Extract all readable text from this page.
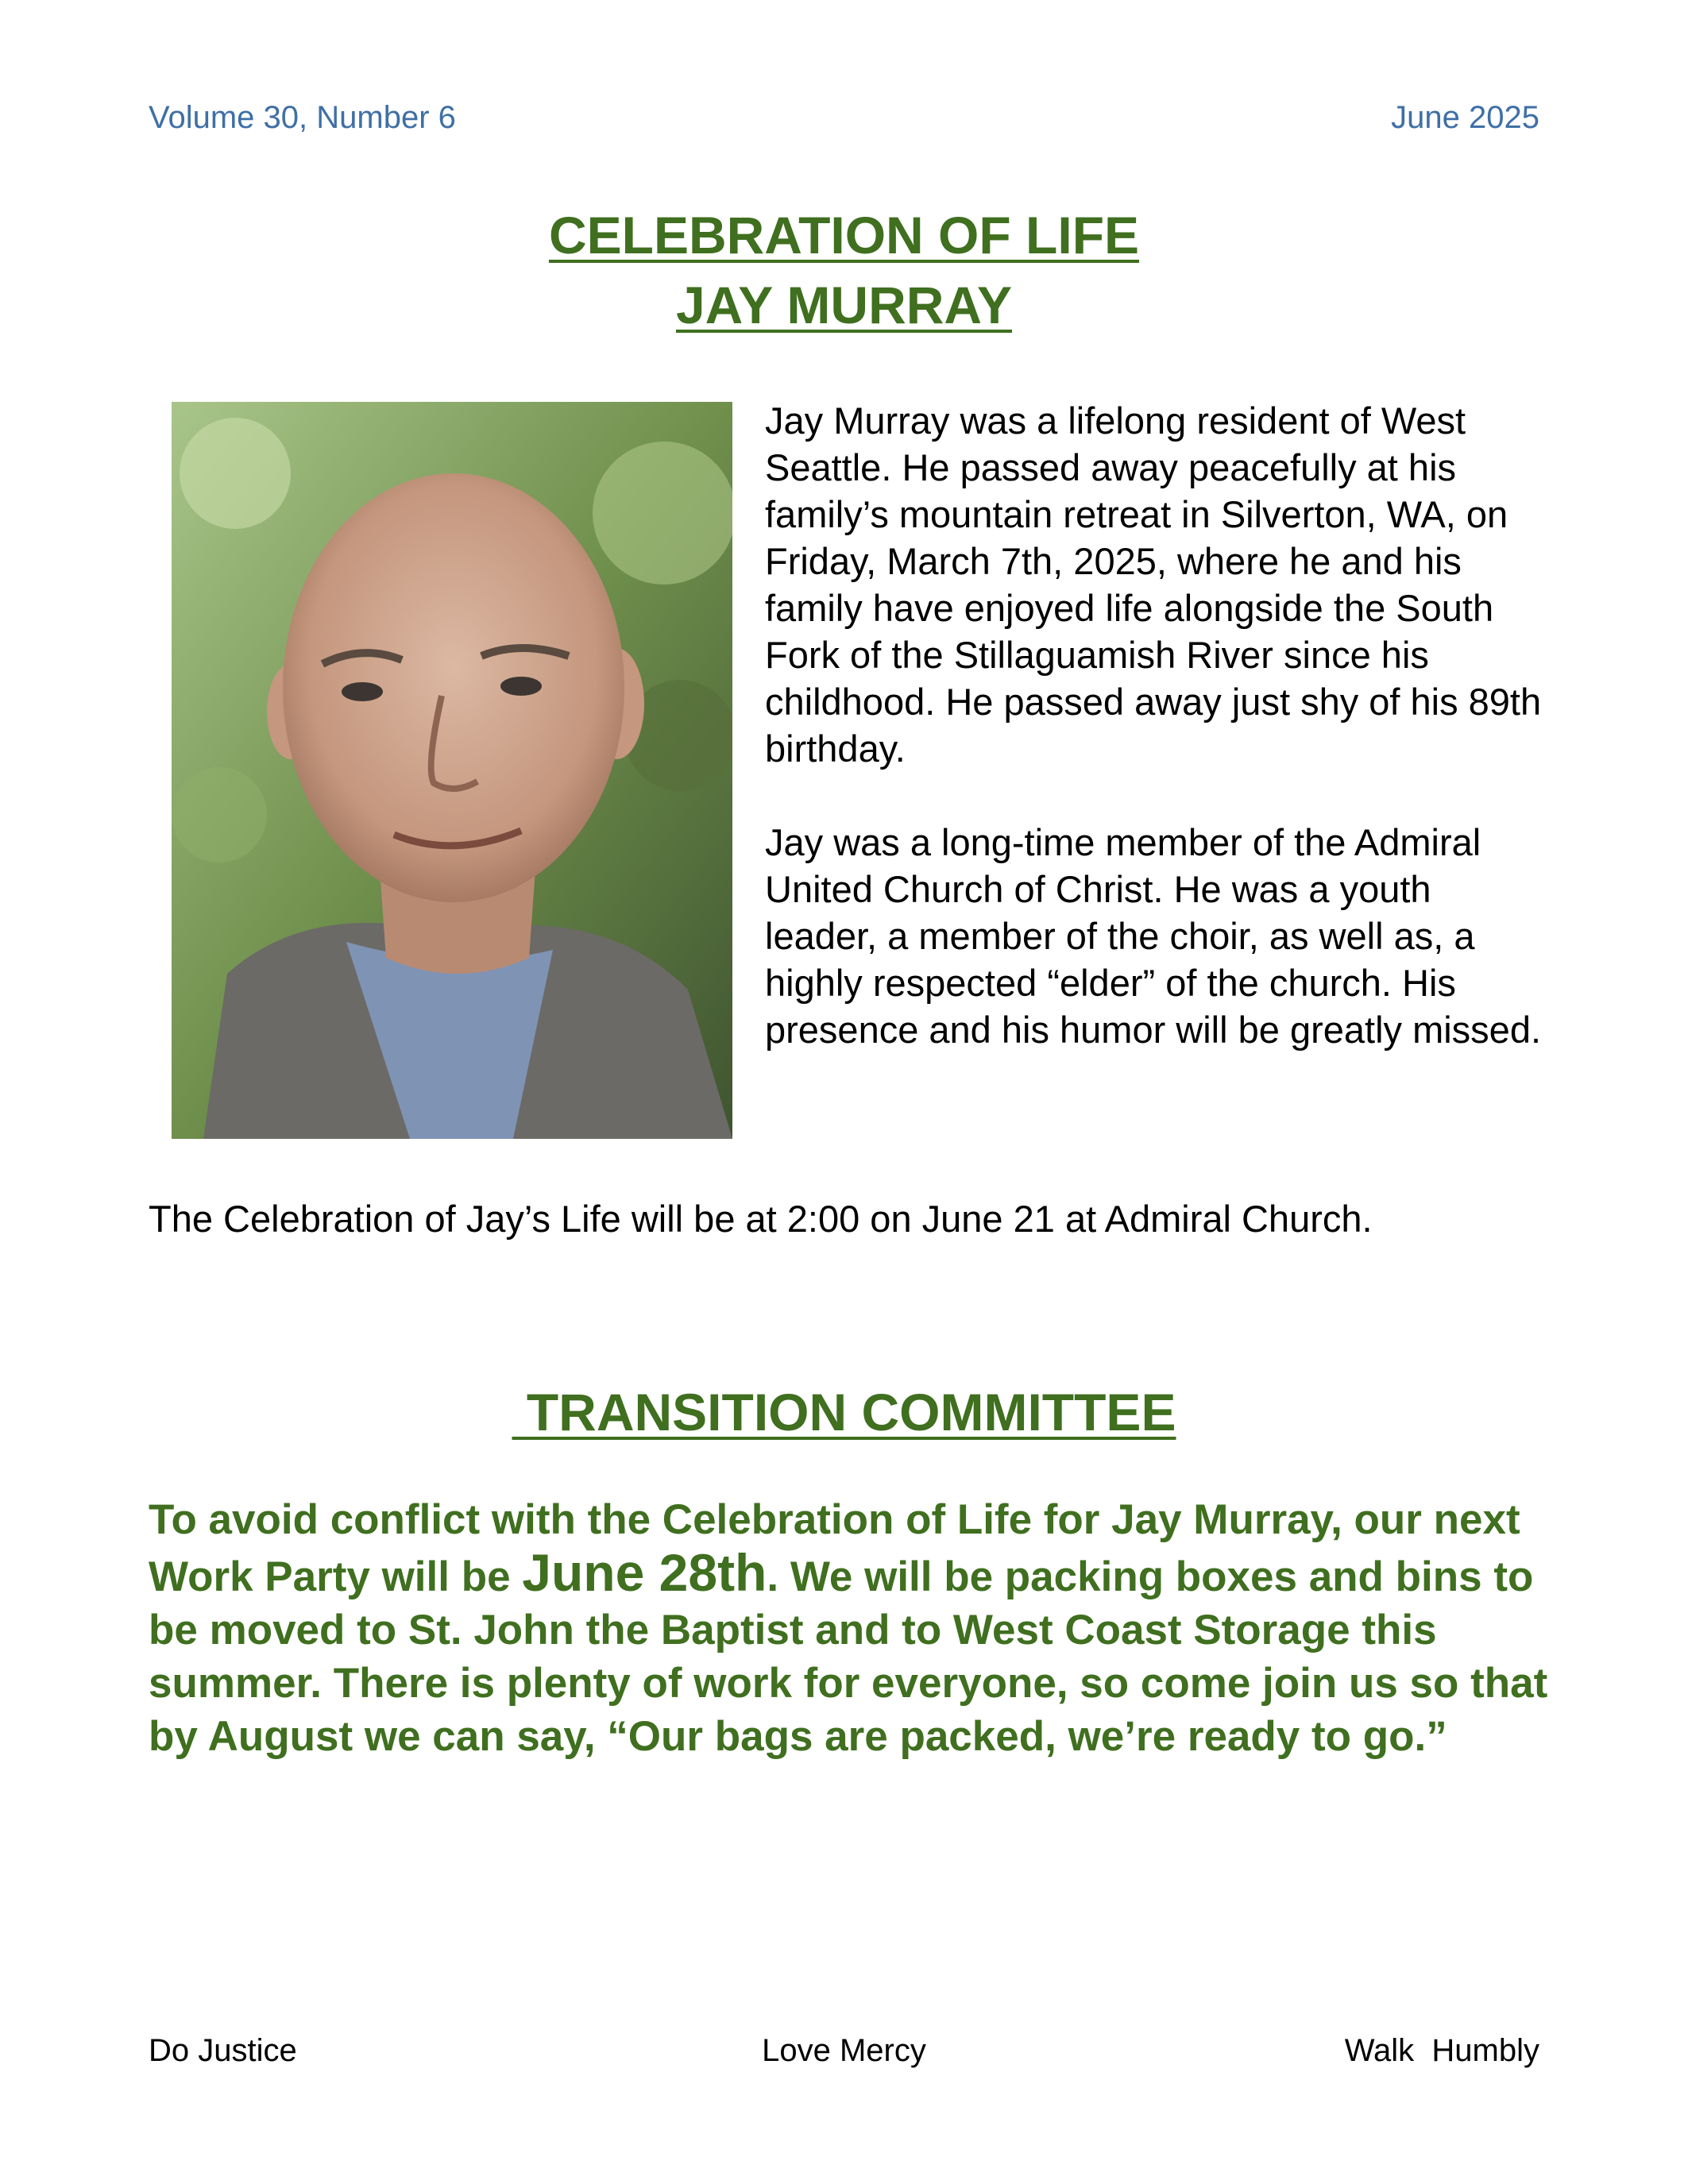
Volume 30, Number 6	June 2025
CELEBRATION OF LIFE
JAY MURRAY

Jay Murray was a lifelong resident of West Seattle. He passed away peacefully at his family’s mountain retreat in Silverton, WA, on Friday, March 7th, 2025, where he and his family have enjoyed life alongside the South Fork of the Stillaguamish River since his childhood. He passed away just shy of his 89th birthday.

Jay was a long-time member of the Admiral United Church of Christ. He was a youth leader, a member of the choir, as well as, a highly respected “elder” of the church. His presence and his humor will be greatly missed.

The Celebration of Jay’s Life will be at 2:00 on June 21 at Admiral Church.
TRANSITION COMMITTEE
To avoid conflict with the Celebration of Life for Jay Murray, our next Work Party will be June 28th. We will be packing boxes and bins to be moved to St. John the Baptist and to West Coast Storage this summer. There is plenty of work for everyone, so come join us so that by August we can say, “Our bags are packed, we’re ready to go.”
Do Justice	Love Mercy	Walk  Humbly
